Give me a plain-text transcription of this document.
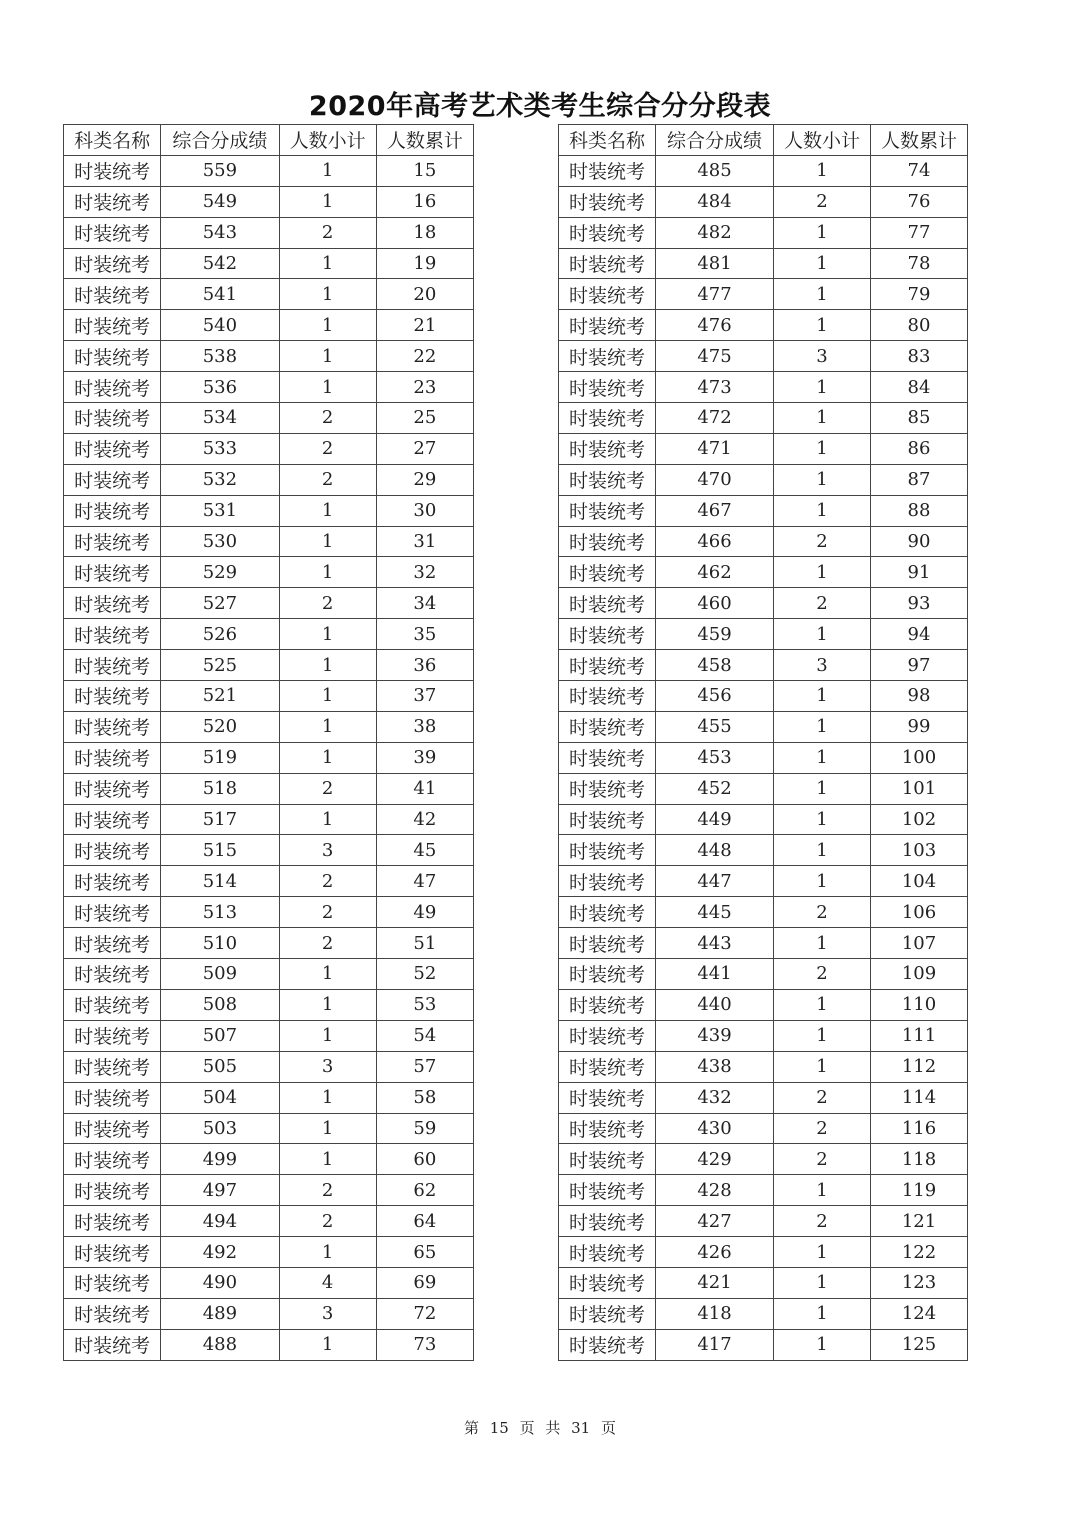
2020年高考艺术类考生综合分分段表
科类名称	综合分成绩	人数小计	人数累计
时装统考	559	1	15
时装统考	549	1	16
时装统考	543	2	18
时装统考	542	1	19
时装统考	541	1	20
时装统考	540	1	21
时装统考	538	1	22
时装统考	536	1	23
时装统考	534	2	25
时装统考	533	2	27
时装统考	532	2	29
时装统考	531	1	30
时装统考	530	1	31
时装统考	529	1	32
时装统考	527	2	34
时装统考	526	1	35
时装统考	525	1	36
时装统考	521	1	37
时装统考	520	1	38
时装统考	519	1	39
时装统考	518	2	41
时装统考	517	1	42
时装统考	515	3	45
时装统考	514	2	47
时装统考	513	2	49
时装统考	510	2	51
时装统考	509	1	52
时装统考	508	1	53
时装统考	507	1	54
时装统考	505	3	57
时装统考	504	1	58
时装统考	503	1	59
时装统考	499	1	60
时装统考	497	2	62
时装统考	494	2	64
时装统考	492	1	65
时装统考	490	4	69
时装统考	489	3	72
时装统考	488	1	73
科类名称	综合分成绩	人数小计	人数累计
时装统考	485	1	74
时装统考	484	2	76
时装统考	482	1	77
时装统考	481	1	78
时装统考	477	1	79
时装统考	476	1	80
时装统考	475	3	83
时装统考	473	1	84
时装统考	472	1	85
时装统考	471	1	86
时装统考	470	1	87
时装统考	467	1	88
时装统考	466	2	90
时装统考	462	1	91
时装统考	460	2	93
时装统考	459	1	94
时装统考	458	3	97
时装统考	456	1	98
时装统考	455	1	99
时装统考	453	1	100
时装统考	452	1	101
时装统考	449	1	102
时装统考	448	1	103
时装统考	447	1	104
时装统考	445	2	106
时装统考	443	1	107
时装统考	441	2	109
时装统考	440	1	110
时装统考	439	1	111
时装统考	438	1	112
时装统考	432	2	114
时装统考	430	2	116
时装统考	429	2	118
时装统考	428	1	119
时装统考	427	2	121
时装统考	426	1	122
时装统考	421	1	123
时装统考	418	1	124
时装统考	417	1	125
第 15 页 共 31 页
